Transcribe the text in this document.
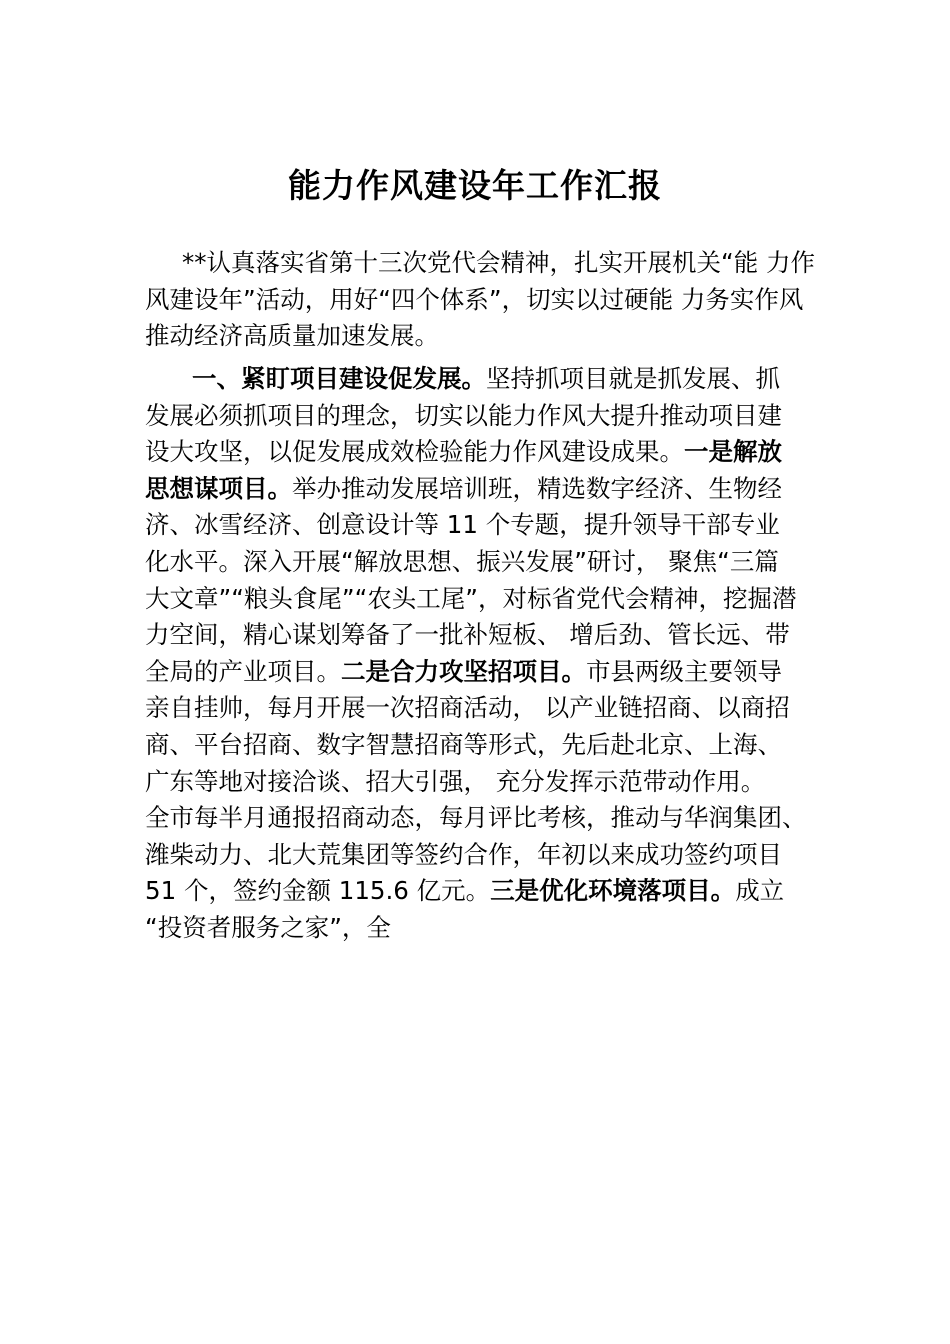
能力作风建设年工作汇报
**认真落实省第十三次党代会精神，扎实开展机关“能 力作
风建设年”活动，用好“四个体系”，切实以过硬能 力务实作风
推动经济高质量加速发展。
一、紧盯项目建设促发展。坚持抓项目就是抓发展、抓
发展必须抓项目的理念，切实以能力作风大提升推动项目建
设大攻坚，以促发展成效检验能力作风建设成果。一是解放
思想谋项目。举办推动发展培训班，精选数字经济、生物经
济、冰雪经济、创意设计等 11 个专题，提升领导干部专业
化水平。深入开展“解放思想、振兴发展”研讨， 聚焦“三篇
大文章”“粮头食尾”“农头工尾”，对标省党代会精神，挖掘潜
力空间，精心谋划筹备了一批补短板、 增后劲、管长远、带
全局的产业项目。二是合力攻坚招项目。市县两级主要领导
亲自挂帅，每月开展一次招商活动， 以产业链招商、以商招
商、平台招商、数字智慧招商等形式，先后赴北京、上海、
广东等地对接洽谈、招大引强， 充分发挥示范带动作用。
全市每半月通报招商动态，每月评比考核，推动与华润集团、
潍柴动力、北大荒集团等签约合作，年初以来成功签约项目
51 个，签约金额 115.6 亿元。三是优化环境落项目。成立
“投资者服务之家”，全
